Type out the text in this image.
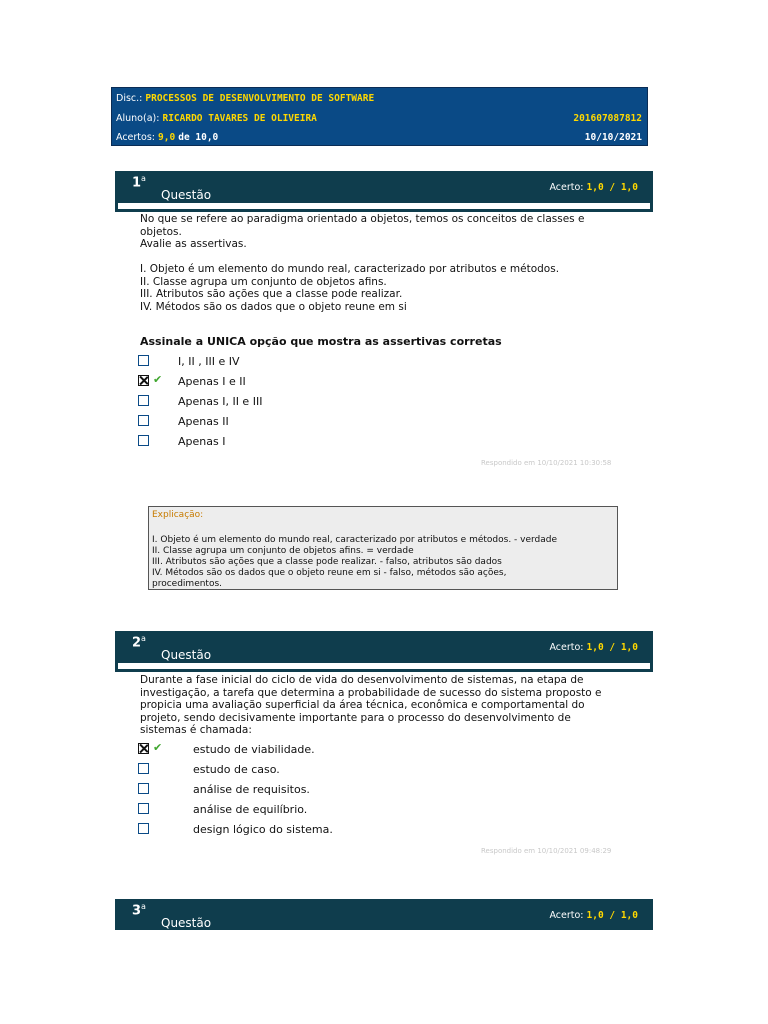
Disc.: PROCESSOS DE DESENVOLVIMENTO DE SOFTWARE
Aluno(a): RICARDO TAVARES DE OLIVEIRA	201607087812
Acertos: 9,0 de 10,0	10/10/2021
1$^a$
Questão
Acerto: 1,0 / 1,0
No que se refere ao paradigma orientado a objetos, temos os conceitos de classes e
objetos.
Avalie as assertivas.

I. Objeto é um elemento do mundo real, caracterizado por atributos e métodos.
II. Classe agrupa um conjunto de objetos afins.
III. Atributos são ações que a classe pode realizar.
IV. Métodos são os dados que o objeto reune em si
Assinale a UNICA opção que mostra as assertivas corretas
I, II , III e IV
✔ Apenas I e II
Apenas I, II e III
Apenas II
Apenas I
Respondido em 10/10/2021 10:30:58
Explicação:
I. Objeto é um elemento do mundo real, caracterizado por atributos e métodos. - verdade
II. Classe agrupa um conjunto de objetos afins. = verdade
III. Atributos são ações que a classe pode realizar. - falso, atributos são dados
IV. Métodos são os dados que o objeto reune em si - falso, métodos são ações,
procedimentos.
2$^a$
Questão
Acerto: 1,0 / 1,0
Durante a fase inicial do ciclo de vida do desenvolvimento de sistemas, na etapa de
investigação, a tarefa que determina a probabilidade de sucesso do sistema proposto e
propicia uma avaliação superficial da área técnica, econômica e comportamental do
projeto, sendo decisivamente importante para o processo do desenvolvimento de
sistemas é chamada:
✔	estudo de viabilidade.
estudo de caso.
análise de requisitos.
análise de equilíbrio.
design lógico do sistema.
Respondido em 10/10/2021 09:48:29
3$^a$
Questão
Acerto: 1,0 / 1,0
